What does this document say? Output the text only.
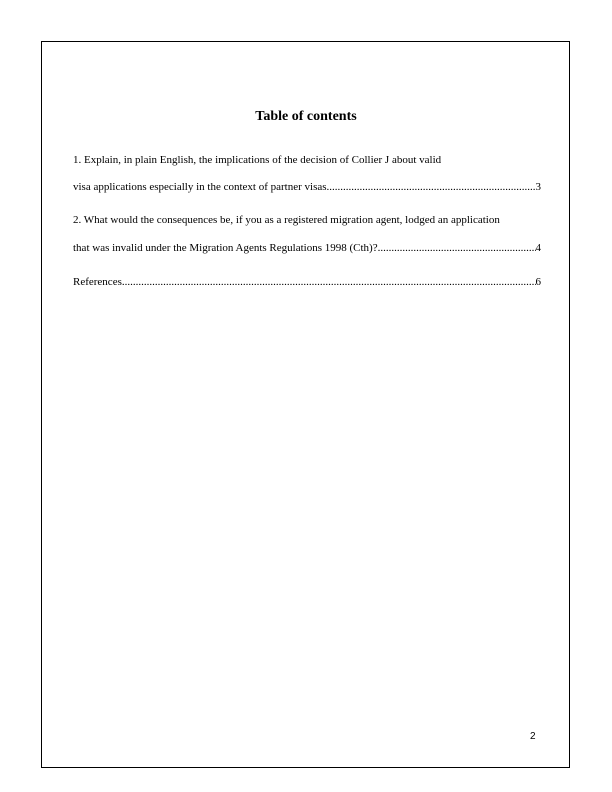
Table of contents
1. Explain, in plain English, the implications of the decision of Collier J about valid
visa applications especially in the context of partner visas .....	3
2. What would the consequences be, if you as a registered migration agent, lodged an application
that was invalid under the Migration Agents Regulations 1998 (Cth)? .....	4
References .....	6
2
